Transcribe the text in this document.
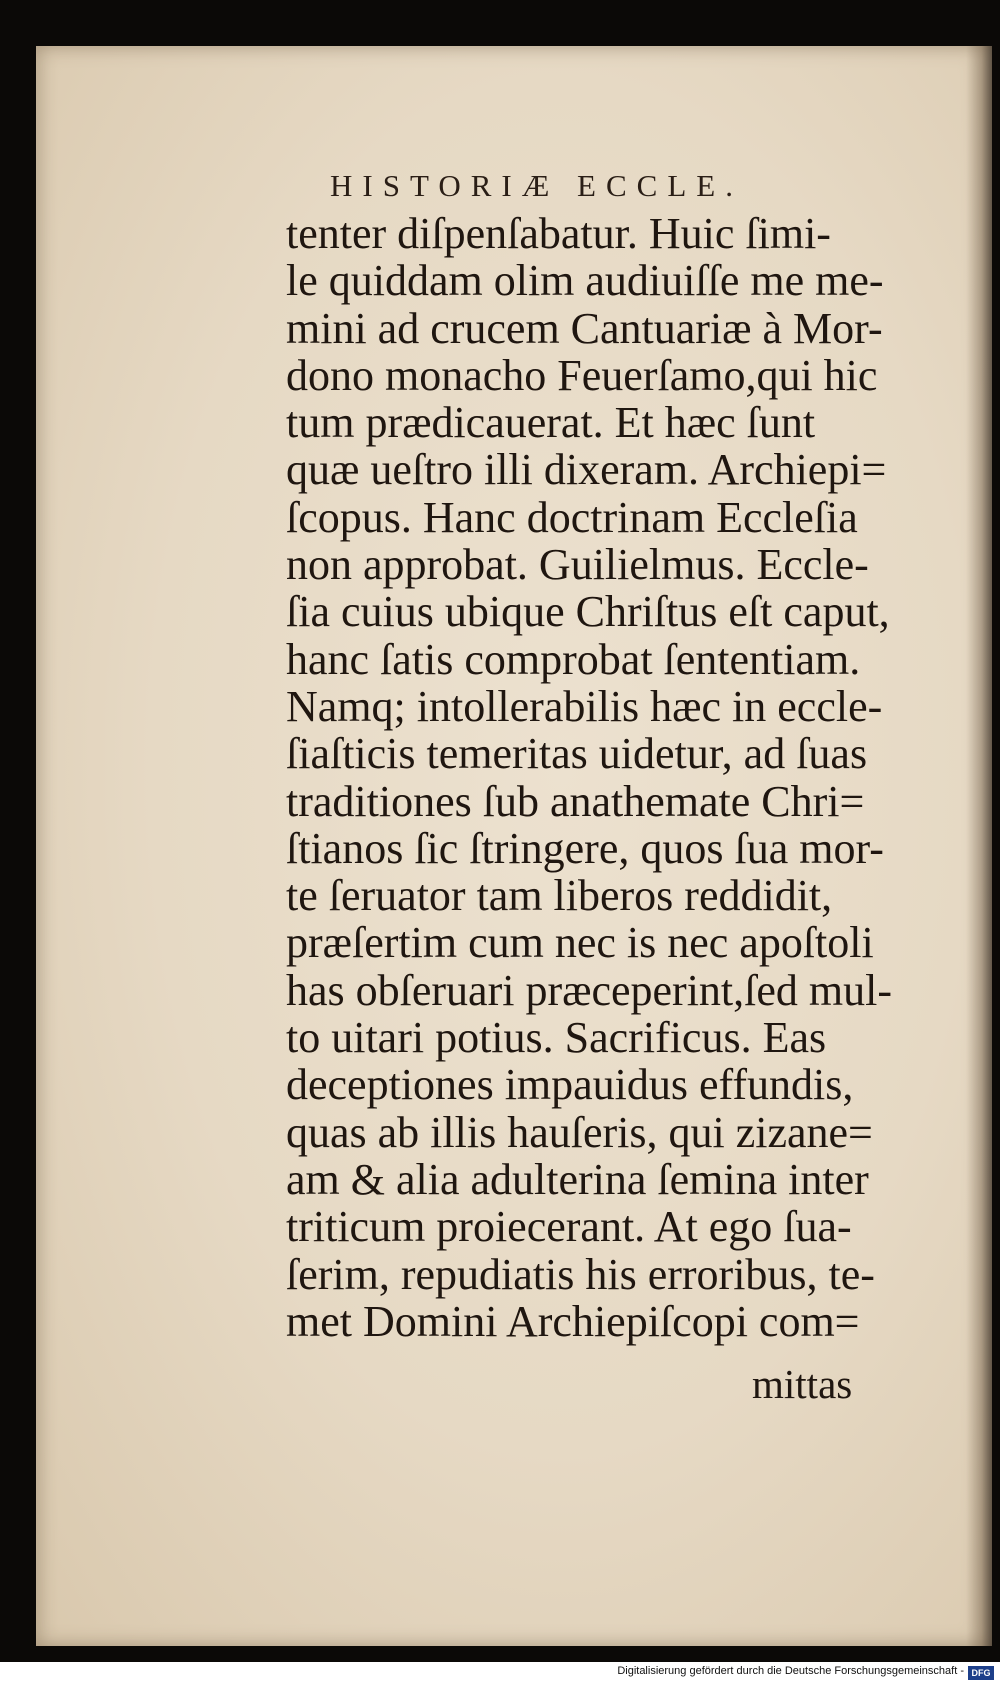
HISTORIÆ ECCLE.
tenter diſpenſabatur. Huic ſimi-
le quiddam olim audiuiſſe me me-
mini ad crucem Cantuariæ à Mor-
dono monacho Feuerſamo,qui hic
tum prædicauerat. Et hæc ſunt
quæ ueſtro illi dixeram. Archiepi=
ſcopus. Hanc doctrinam Eccleſia
non approbat. Guilielmus. Eccle-
ſia cuius ubique Chriſtus eſt caput,
hanc ſatis comprobat ſententiam.
Namq; intollerabilis hæc in eccle-
ſiaſticis temeritas uidetur, ad ſuas
traditiones ſub anathemate Chri=
ſtianos ſic ſtringere, quos ſua mor-
te ſeruator tam liberos reddidit,
præſertim cum nec is nec apoſtoli
has obſeruari præceperint,ſed mul-
to uitari potius. Sacrificus. Eas
deceptiones impauidus effundis,
quas ab illis hauſeris, qui zizane=
am & alia adulterina ſemina inter
triticum proiecerant. At ego ſua-
ſerim, repudiatis his erroribus, te-
met Domini Archiepiſcopi com=
mittas
Digitalisierung gefördert durch die Deutsche Forschungsgemeinschaft - DFG
